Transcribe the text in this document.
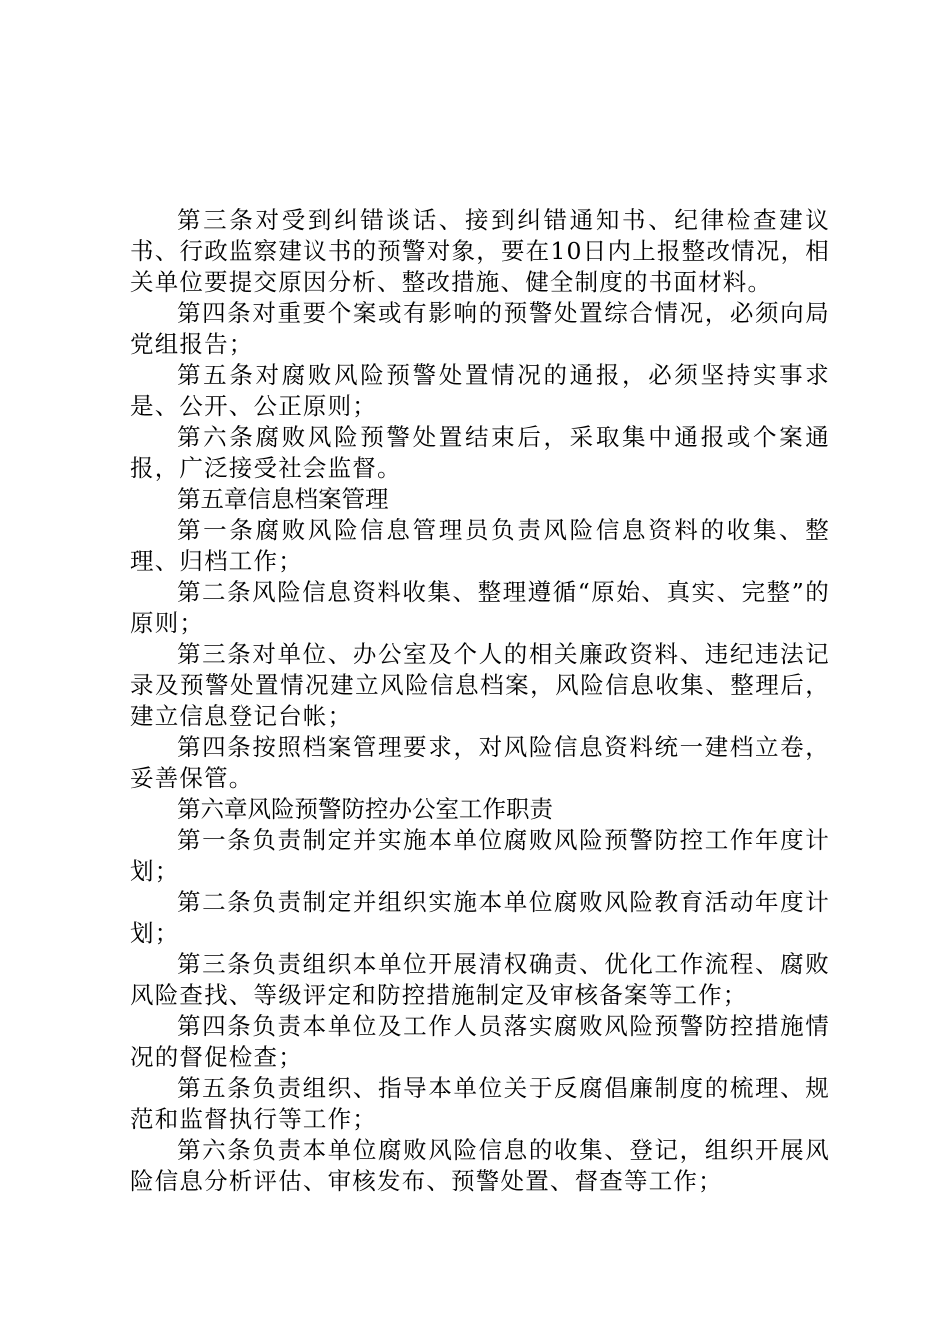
第三条对受到纠错谈话、接到纠错通知书、纪律检查建议书、行政监察建议书的预警对象，要在10日内上报整改情况，相关单位要提交原因分析、整改措施、健全制度的书面材料。

第四条对重要个案或有影响的预警处置综合情况，必须向局党组报告；

第五条对腐败风险预警处置情况的通报，必须坚持实事求是、公开、公正原则；

第六条腐败风险预警处置结束后，采取集中通报或个案通报，广泛接受社会监督。

第五章信息档案管理

第一条腐败风险信息管理员负责风险信息资料的收集、整理、归档工作；

第二条风险信息资料收集、整理遵循“原始、真实、完整”的原则；

第三条对单位、办公室及个人的相关廉政资料、违纪违法记录及预警处置情况建立风险信息档案，风险信息收集、整理后，建立信息登记台帐；

第四条按照档案管理要求，对风险信息资料统一建档立卷，妥善保管。

第六章风险预警防控办公室工作职责

第一条负责制定并实施本单位腐败风险预警防控工作年度计划；

第二条负责制定并组织实施本单位腐败风险教育活动年度计划；

第三条负责组织本单位开展清权确责、优化工作流程、腐败风险查找、等级评定和防控措施制定及审核备案等工作；

第四条负责本单位及工作人员落实腐败风险预警防控措施情况的督促检查；

第五条负责组织、指导本单位关于反腐倡廉制度的梳理、规范和监督执行等工作；

第六条负责本单位腐败风险信息的收集、登记，组织开展风险信息分析评估、审核发布、预警处置、督查等工作；
